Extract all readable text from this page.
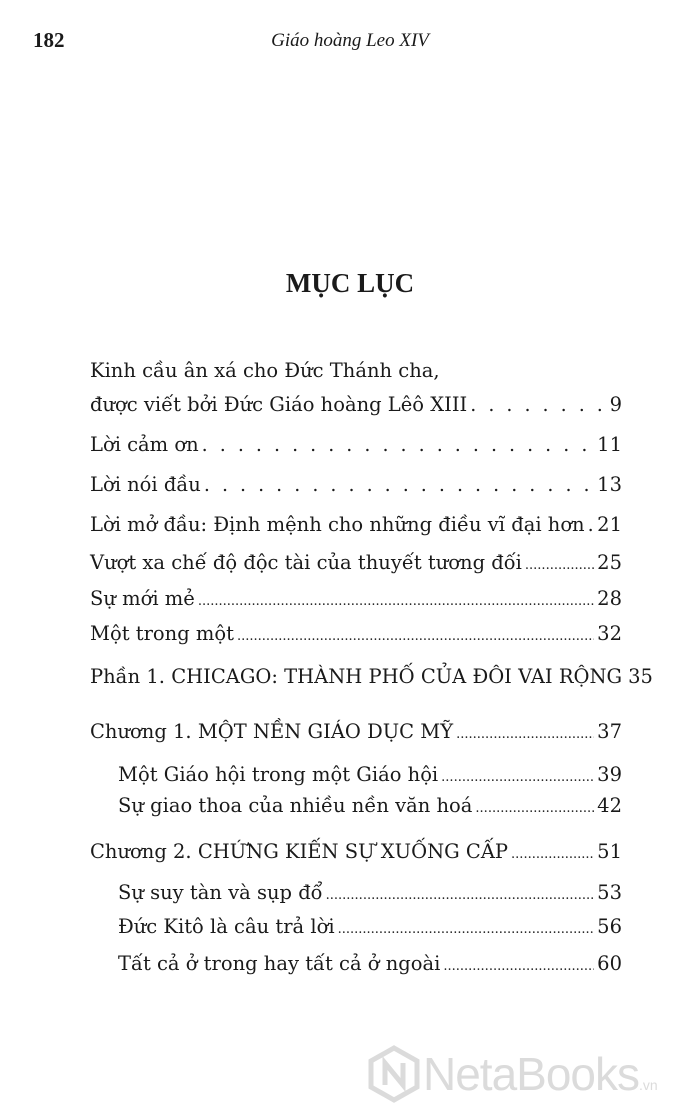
182	Giáo hoàng Leo XIV
MỤC LỤC
Kinh cầu ân xá cho Đức Thánh cha,
được viết bởi Đức Giáo hoàng Lêô XIII . . .	9
Lời cảm ơn . . .	11
Lời nói đầu . . .	13
Lời mở đầu: Định mệnh cho những điều vĩ đại hơn . . . 21
Vượt xa chế độ độc tài của thuyết tương đối .....	25
Sự mới mẻ .....	28
Một trong một .....	32
Phần 1. CHICAGO: THÀNH PHỐ CỦA ĐÔI VAI RỘNG 35
Chương 1. MỘT NỀN GIÁO DỤC MỸ .....	37
Một Giáo hội trong một Giáo hội .....	39
Sự giao thoa của nhiều nền văn hoá .....	42
Chương 2. CHỨNG KIẾN SỰ XUỐNG CẤP .....	51
Sự suy tàn và sụp đổ .....	53
Đức Kitô là câu trả lời .....	56
Tất cả ở trong hay tất cả ở ngoài .....	60
NetaBooks .vn
